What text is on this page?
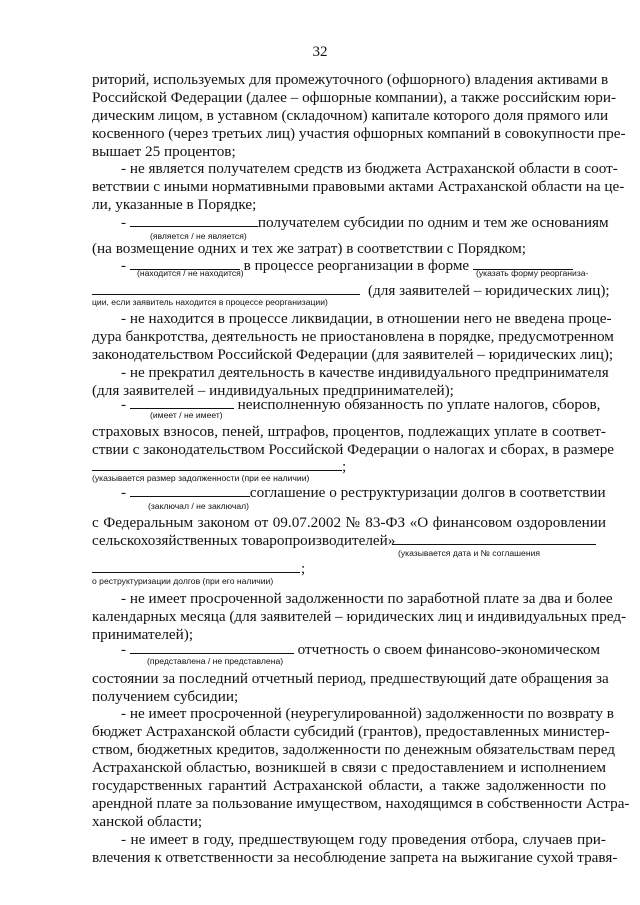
32
риторий, используемых для промежуточного (офшорного) владения активами в
Российской Федерации (далее – офшорные компании), а также российским юри-
дическим лицом, в уставном (складочном) капитале которого доля прямого или
косвенного (через третьих лиц) участия офшорных компаний в совокупности пре-
вышает 25 процентов;
- не является получателем средств из бюджета Астраханской области в соот-
ветствии с иными нормативными правовыми актами Астраханской области на це-
ли, указанные в Порядке;
-	получателем субсидии по одним и тем же основаниям
(является / не является)
(на возмещение одних и тех же затрат) в соответствии с Порядком;
-	в процессе реорганизации в форме
(находится / не находится)	(указать форму реорганиза-
(для заявителей – юридических лиц);
ции, если заявитель находится в процессе реорганизации)
- не находится в процессе ликвидации, в отношении него не введена проце-
дура банкротства, деятельность не приостановлена в порядке, предусмотренном
законодательством Российской Федерации (для заявителей – юридических лиц);
- не прекратил деятельность в качестве индивидуального предпринимателя
(для заявителей – индивидуальных предпринимателей);
-	неисполненную обязанность по уплате налогов, сборов,
(имеет / не имеет)
страховых взносов, пеней, штрафов, процентов, подлежащих уплате в соответ-
ствии с законодательством Российской Федерации о налогах и сборах, в размере
;
(указывается размер задолженности (при ее наличии)
-	соглашение о реструктуризации долгов в соответствии
(заключал / не заключал)
с Федеральным законом от 09.07.2002 № 83-ФЗ «О финансовом оздоровлении
сельскохозяйственных товаропроизводителей»
(указывается дата и № соглашения
;
о реструктуризации долгов (при его наличии)
- не имеет просроченной задолженности по заработной плате за два и более
календарных месяца (для заявителей – юридических лиц и индивидуальных пред-
принимателей);
-	отчетность о своем финансово-экономическом
(представлена / не представлена)
состоянии за последний отчетный период, предшествующий дате обращения за
получением субсидии;
- не имеет просроченной (неурегулированной) задолженности по возврату в
бюджет Астраханской области субсидий (грантов), предоставленных министер-
ством, бюджетных кредитов, задолженности по денежным обязательствам перед
Астраханской областью, возникшей в связи с предоставлением и исполнением
государственных гарантий Астраханской области, а также задолженности по
арендной плате за пользование имуществом, находящимся в собственности Астра-
ханской области;
- не имеет в году, предшествующем году проведения отбора, случаев при-
влечения к ответственности за несоблюдение запрета на выжигание сухой травя-
